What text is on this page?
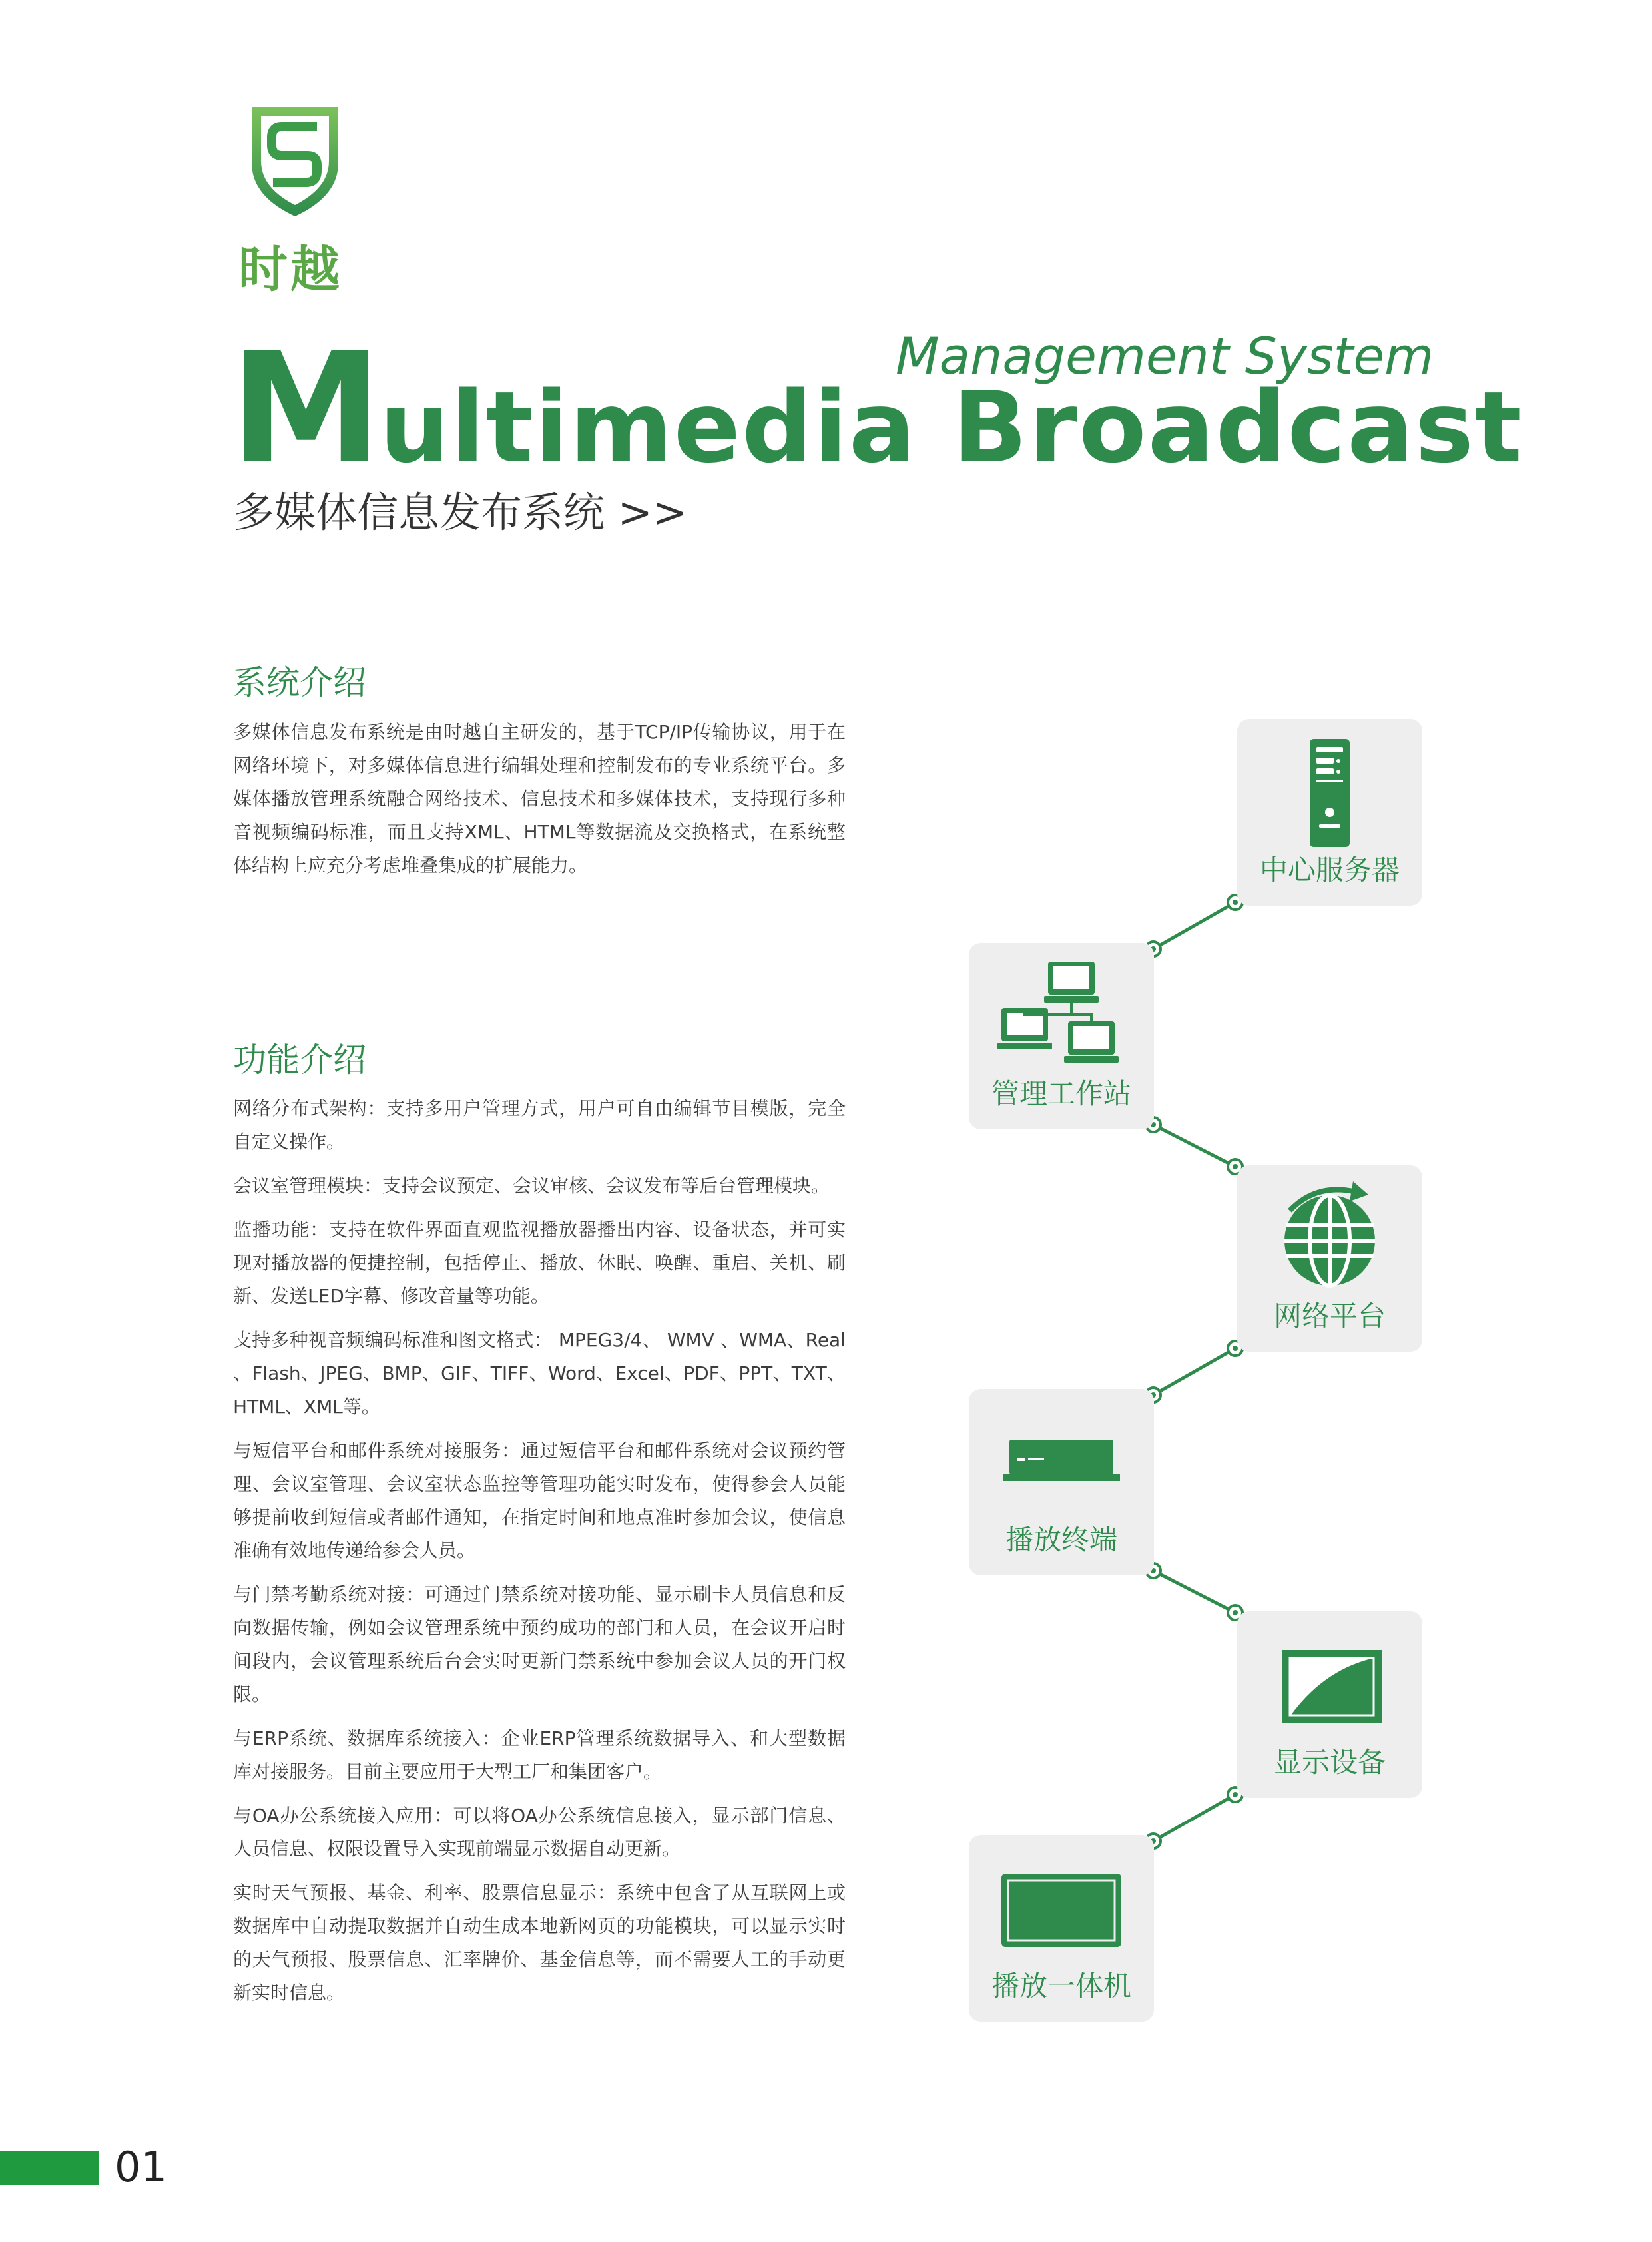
时越
Management System
Multimedia Broadcast
多媒体信息发布系统 >>
系统介绍
多媒体信息发布系统是由时越自主研发的，基于TCP/IP传输协议，用于在网络环境下，对多媒体信息进行编辑处理和控制发布的专业系统平台。多媒体播放管理系统融合网络技术、信息技术和多媒体技术，支持现行多种音视频编码标准，而且支持XML、HTML等数据流及交换格式，在系统整体结构上应充分考虑堆叠集成的扩展能力。
功能介绍
网络分布式架构：支持多用户管理方式，用户可自由编辑节目模版，完全自定义操作。
会议室管理模块：支持会议预定、会议审核、会议发布等后台管理模块。
监播功能：支持在软件界面直观监视播放器播出内容、设备状态，并可实现对播放器的便捷控制，包括停止、播放、休眠、唤醒、重启、关机、刷新、发送LED字幕、修改音量等功能。
支持多种视音频编码标准和图文格式： MPEG3/4、 WMV 、WMA、Real 、Flash、JPEG、BMP、GIF、TIFF、Word、Excel、PDF、PPT、TXT、HTML、XML等。
与短信平台和邮件系统对接服务：通过短信平台和邮件系统对会议预约管理、会议室管理、会议室状态监控等管理功能实时发布，使得参会人员能够提前收到短信或者邮件通知，在指定时间和地点准时参加会议，使信息准确有效地传递给参会人员。
与门禁考勤系统对接：可通过门禁系统对接功能、显示刷卡人员信息和反向数据传输，例如会议管理系统中预约成功的部门和人员，在会议开启时间段内，会议管理系统后台会实时更新门禁系统中参加会议人员的开门权限。
与ERP系统、数据库系统接入：企业ERP管理系统数据导入、和大型数据库对接服务。目前主要应用于大型工厂和集团客户。
与OA办公系统接入应用：可以将OA办公系统信息接入，显示部门信息、人员信息、权限设置导入实现前端显示数据自动更新。
实时天气预报、基金、利率、股票信息显示：系统中包含了从互联网上或数据库中自动提取数据并自动生成本地新网页的功能模块，可以显示实时的天气预报、股票信息、汇率牌价、基金信息等，而不需要人工的手动更新实时信息。
中心服务器
管理工作站
网络平台
播放终端
显示设备
播放一体机
01
